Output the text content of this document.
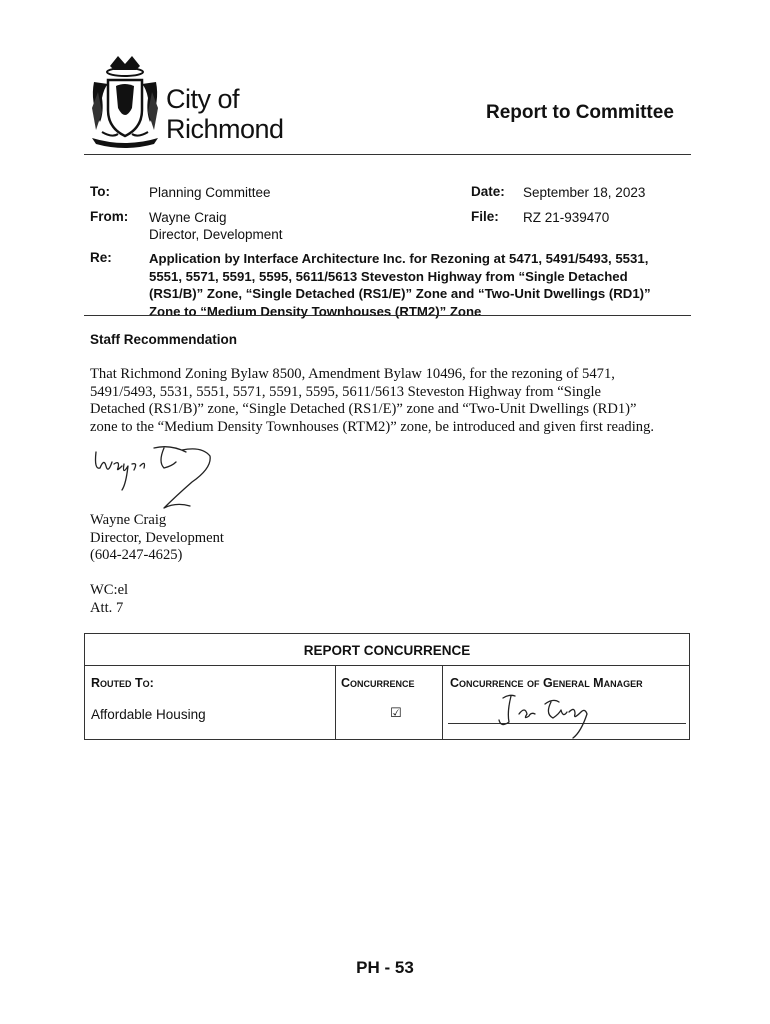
City of
Richmond
Report to Committee
To:	Planning Committee	Date: September 18, 2023
From: Wayne Craig
Director, Development
File: RZ 21-939470
Re:	Application by Interface Architecture Inc. for Rezoning at 5471, 5491/5493, 5531,
5551, 5571, 5591, 5595, 5611/5613 Steveston Highway from “Single Detached
(RS1/B)” Zone, “Single Detached (RS1/E)” Zone and “Two-Unit Dwellings (RD1)”
Zone to “Medium Density Townhouses (RTM2)” Zone
Staff Recommendation
That Richmond Zoning Bylaw 8500, Amendment Bylaw 10496, for the rezoning of 5471,
5491/5493, 5531, 5551, 5571, 5591, 5595, 5611/5613 Steveston Highway from “Single
Detached (RS1/B)” zone, “Single Detached (RS1/E)” zone and “Two-Unit Dwellings (RD1)”
zone to the “Medium Density Townhouses (RTM2)” zone, be introduced and given first reading.
Wayne Craig
Director, Development
(604-247-4625)
WC:el
Att. 7
REPORT CONCURRENCE
Routed To:	Concurrence	Concurrence of General Manager
Affordable Housing	☑
PH - 53
